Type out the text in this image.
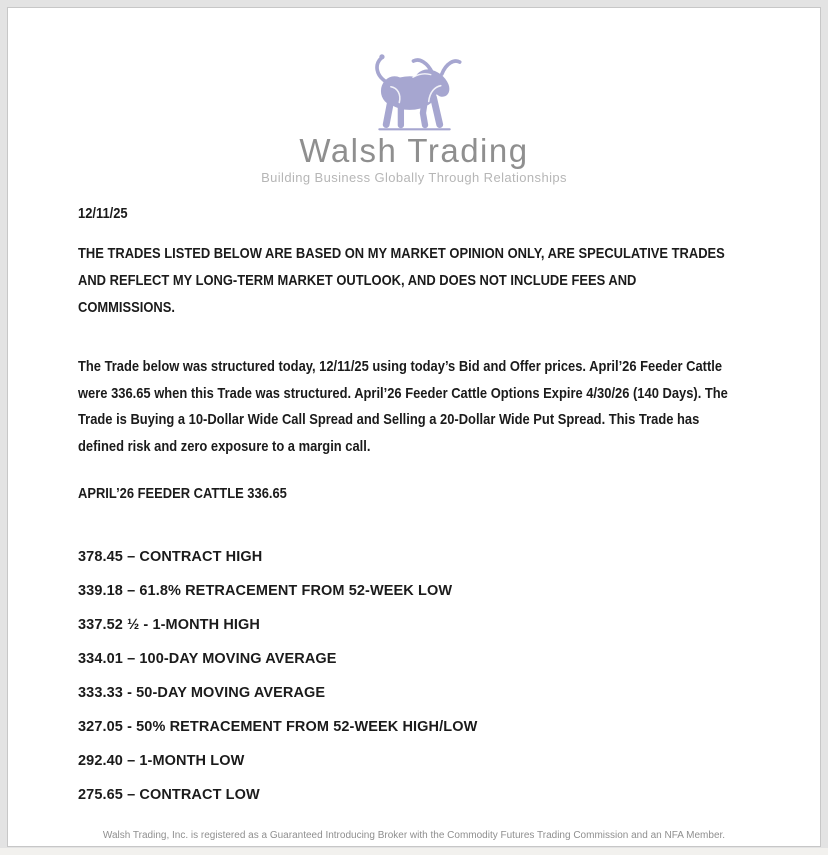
Walsh Trading
Building Business Globally Through Relationships

12/11/25

THE TRADES LISTED BELOW ARE BASED ON MY MARKET OPINION ONLY, ARE SPECULATIVE TRADES AND REFLECT MY LONG-TERM MARKET OUTLOOK, AND DOES NOT INCLUDE FEES AND COMMISSIONS.

The Trade below was structured today, 12/11/25 using today’s Bid and Offer prices. April’26 Feeder Cattle were 336.65 when this Trade was structured. April’26 Feeder Cattle Options Expire 4/30/26 (140 Days). The Trade is Buying a 10-Dollar Wide Call Spread and Selling a 20-Dollar Wide Put Spread. This Trade has defined risk and zero exposure to a margin call.

APRIL’26 FEEDER CATTLE 336.65

378.45 – CONTRACT HIGH

339.18 – 61.8% RETRACEMENT FROM 52-WEEK LOW

337.52 ½ - 1-MONTH HIGH

334.01 – 100-DAY MOVING AVERAGE

333.33 - 50-DAY MOVING AVERAGE

327.05 - 50% RETRACEMENT FROM 52-WEEK HIGH/LOW

292.40 – 1-MONTH LOW

275.65 – CONTRACT LOW

Walsh Trading, Inc. is registered as a Guaranteed Introducing Broker with the Commodity Futures Trading Commission and an NFA Member.
